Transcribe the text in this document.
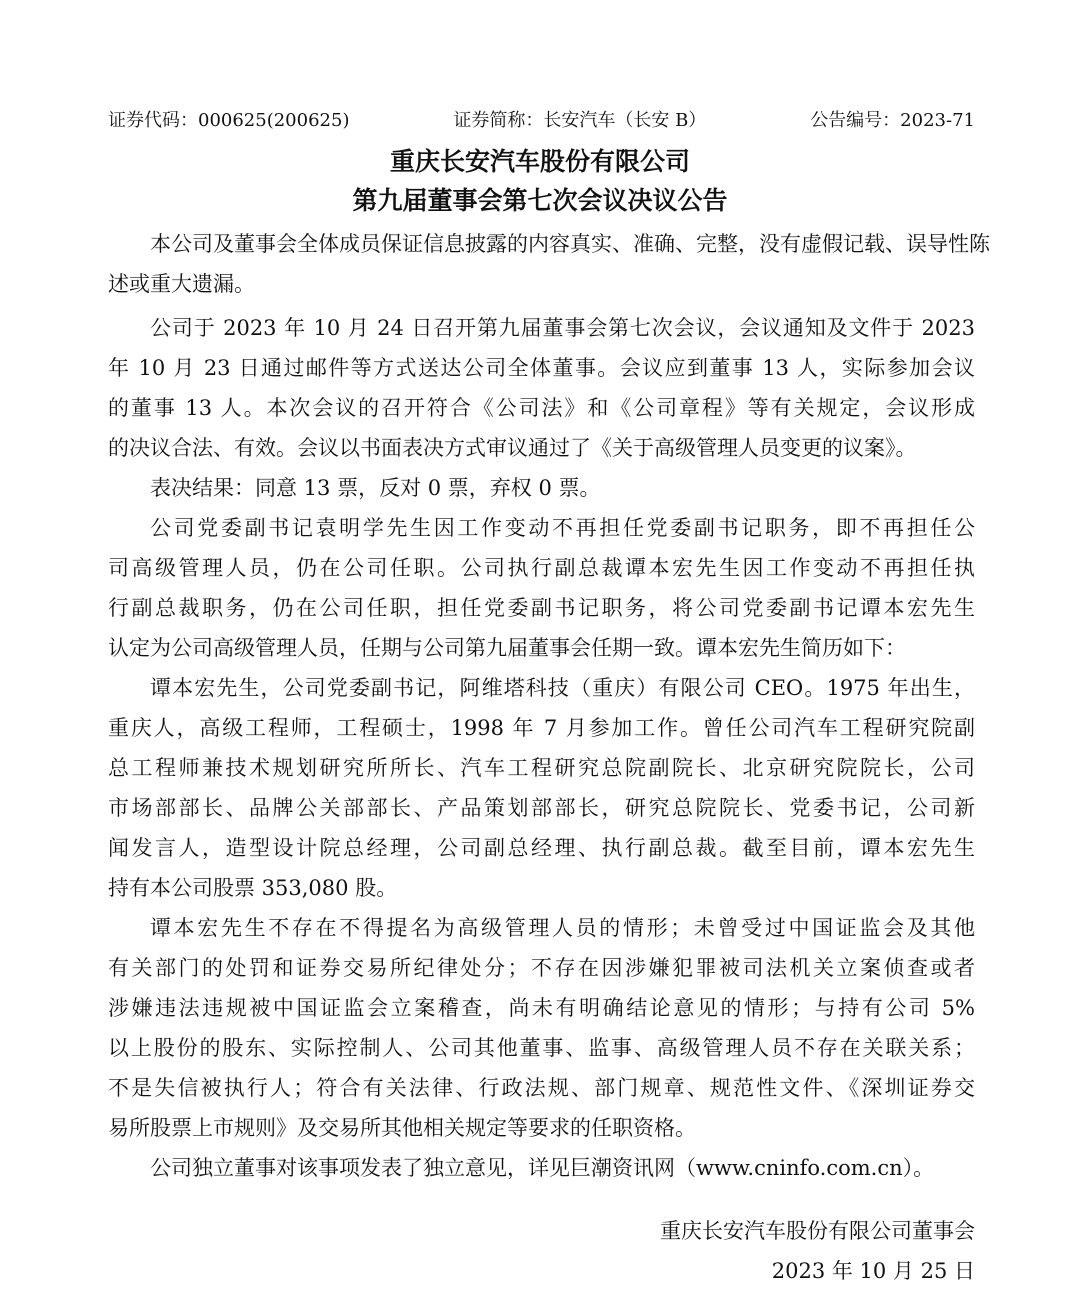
证券代码：000625(200625)	证券简称：长安汽车（长安 B）	公告编号：2023-71
重庆长安汽车股份有限公司
第九届董事会第七次会议决议公告
本公司及董事会全体成员保证信息披露的内容真实、准确、完整，没有虚假记载、误导性陈
述或重大遗漏。
公司于 2023 年 10 月 24 日召开第九届董事会第七次会议，会议通知及文件于 2023
年 10 月 23 日通过邮件等方式送达公司全体董事。会议应到董事 13 人，实际参加会议
的董事 13 人。本次会议的召开符合《公司法》和《公司章程》等有关规定，会议形成
的决议合法、有效。会议以书面表决方式审议通过了《关于高级管理人员变更的议案》。
表决结果：同意 13 票，反对 0 票，弃权 0 票。
公司党委副书记袁明学先生因工作变动不再担任党委副书记职务，即不再担任公
司高级管理人员，仍在公司任职。公司执行副总裁谭本宏先生因工作变动不再担任执
行副总裁职务，仍在公司任职，担任党委副书记职务，将公司党委副书记谭本宏先生
认定为公司高级管理人员，任期与公司第九届董事会任期一致。谭本宏先生简历如下：
谭本宏先生，公司党委副书记，阿维塔科技（重庆）有限公司 CEO。1975 年出生，
重庆人，高级工程师，工程硕士，1998 年 7 月参加工作。曾任公司汽车工程研究院副
总工程师兼技术规划研究所所长、汽车工程研究总院副院长、北京研究院院长，公司
市场部部长、品牌公关部部长、产品策划部部长，研究总院院长、党委书记，公司新
闻发言人，造型设计院总经理，公司副总经理、执行副总裁。截至目前，谭本宏先生
持有本公司股票 353,080 股。
谭本宏先生不存在不得提名为高级管理人员的情形；未曾受过中国证监会及其他
有关部门的处罚和证券交易所纪律处分；不存在因涉嫌犯罪被司法机关立案侦查或者
涉嫌违法违规被中国证监会立案稽查，尚未有明确结论意见的情形；与持有公司 5%
以上股份的股东、实际控制人、公司其他董事、监事、高级管理人员不存在关联关系；
不是失信被执行人；符合有关法律、行政法规、部门规章、规范性文件、《深圳证券交
易所股票上市规则》及交易所其他相关规定等要求的任职资格。
公司独立董事对该事项发表了独立意见，详见巨潮资讯网（www.cninfo.com.cn）。
重庆长安汽车股份有限公司董事会
2023 年 10 月 25 日
